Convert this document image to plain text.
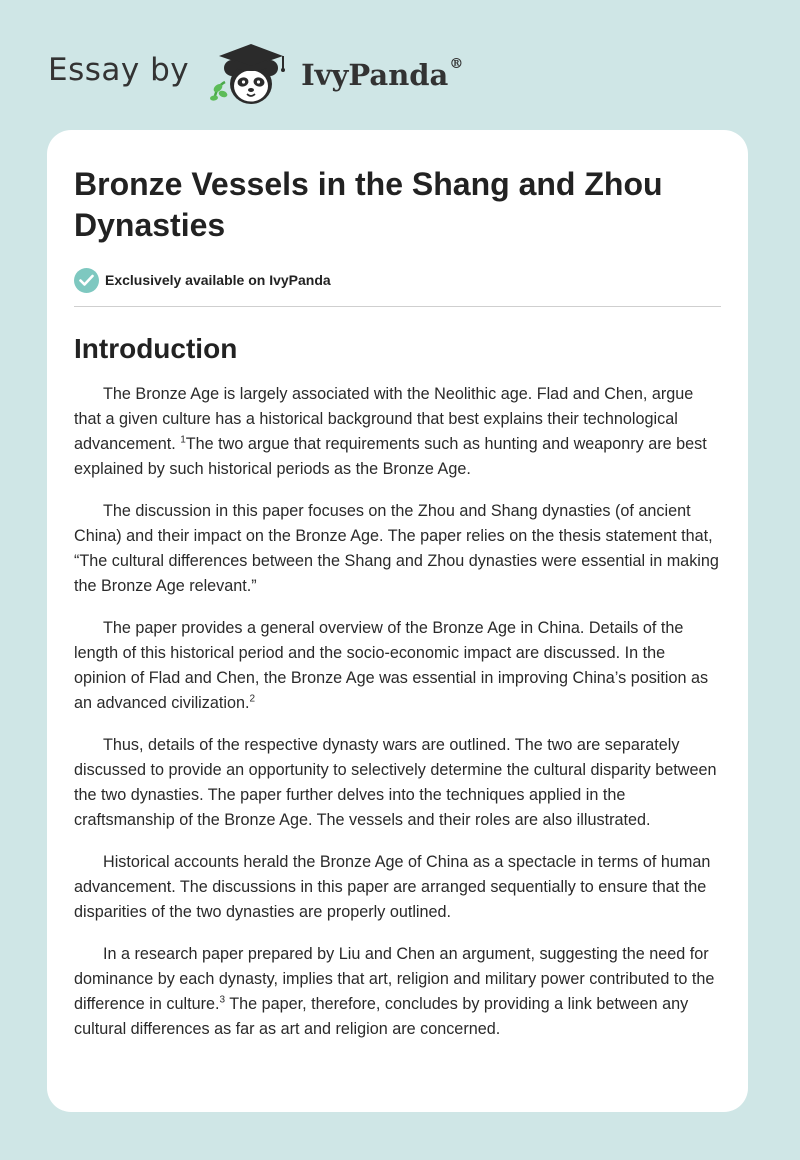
Essay by	IvyPanda®
Bronze Vessels in the Shang and Zhou Dynasties
Exclusively available on IvyPanda
Introduction

The Bronze Age is largely associated with the Neolithic age. Flad and Chen, argue that a given culture has a historical background that best explains their technological advancement. $^1$The two argue that requirements such as hunting and weaponry are best explained by such historical periods as the Bronze Age.

The discussion in this paper focuses on the Zhou and Shang dynasties (of ancient China) and their impact on the Bronze Age. The paper relies on the thesis statement that, “The cultural differences between the Shang and Zhou dynasties were essential in making the Bronze Age relevant.”

The paper provides a general overview of the Bronze Age in China. Details of the length of this historical period and the socio-economic impact are discussed. In the opinion of Flad and Chen, the Bronze Age was essential in improving China’s position as an advanced civilization.$^2$

Thus, details of the respective dynasty wars are outlined. The two are separately discussed to provide an opportunity to selectively determine the cultural disparity between the two dynasties. The paper further delves into the techniques applied in the craftsmanship of the Bronze Age. The vessels and their roles are also illustrated.

Historical accounts herald the Bronze Age of China as a spectacle in terms of human advancement. The discussions in this paper are arranged sequentially to ensure that the disparities of the two dynasties are properly outlined.

In a research paper prepared by Liu and Chen an argument, suggesting the need for dominance by each dynasty, implies that art, religion and military power contributed to the difference in culture.$^3$ The paper, therefore, concludes by providing a link between any cultural differences as far as art and religion are concerned.
